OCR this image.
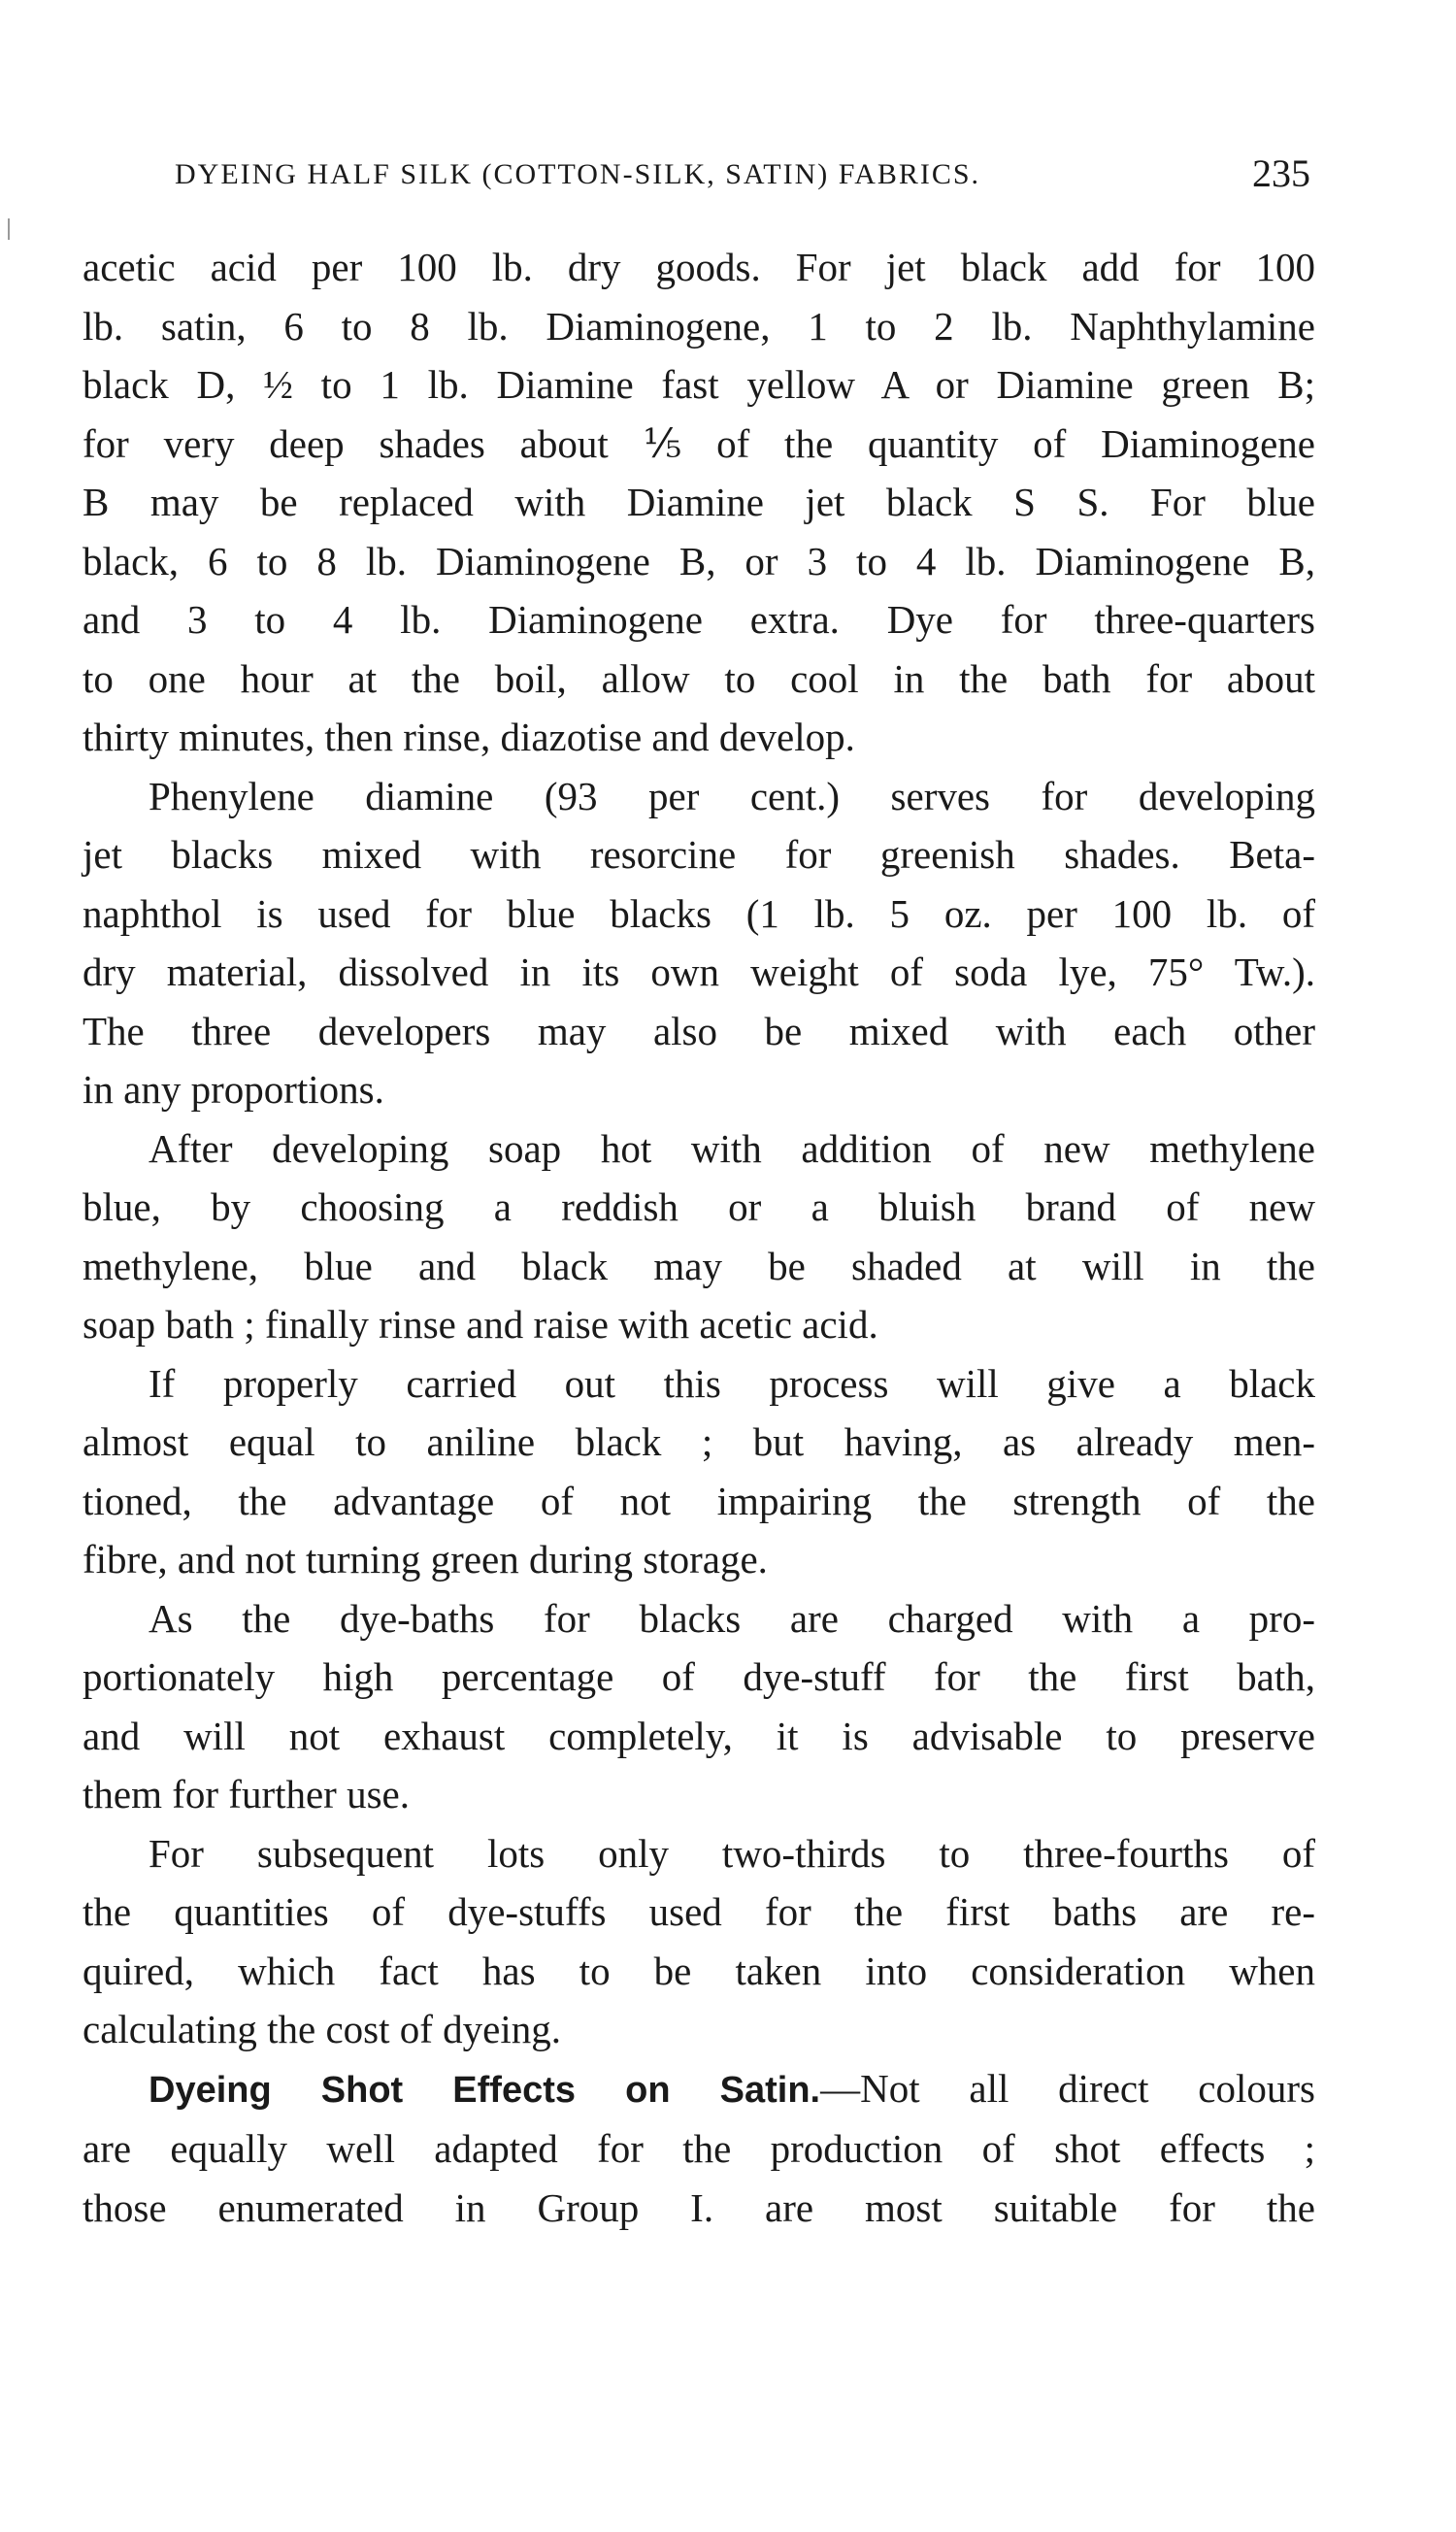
DYEING HALF SILK (COTTON-SILK, SATIN) FABRICS.	235

acetic acid per 100 lb. dry goods. For jet black add for 100
lb. satin, 6 to 8 lb. Diaminogene, 1 to 2 lb. Naphthylamine
black D, ½ to 1 lb. Diamine fast yellow A or Diamine green B;
for very deep shades about ⅕ of the quantity of Diaminogene
B may be replaced with Diamine jet black S S. For blue
black, 6 to 8 lb. Diaminogene B, or 3 to 4 lb. Diaminogene B,
and 3 to 4 lb. Diaminogene extra. Dye for three-quarters
to one hour at the boil, allow to cool in the bath for about
thirty minutes, then rinse, diazotise and develop.

Phenylene diamine (93 per cent.) serves for developing
jet blacks mixed with resorcine for greenish shades. Beta-
naphthol is used for blue blacks (1 lb. 5 oz. per 100 lb. of
dry material, dissolved in its own weight of soda lye, 75° Tw.).
The three developers may also be mixed with each other
in any proportions.

After developing soap hot with addition of new methylene
blue, by choosing a reddish or a bluish brand of new
methylene, blue and black may be shaded at will in the
soap bath ; finally rinse and raise with acetic acid.

If properly carried out this process will give a black
almost equal to aniline black ; but having, as already men-
tioned, the advantage of not impairing the strength of the
fibre, and not turning green during storage.

As the dye-baths for blacks are charged with a pro-
portionately high percentage of dye-stuff for the first bath,
and will not exhaust completely, it is advisable to preserve
them for further use.

For subsequent lots only two-thirds to three-fourths of
the quantities of dye-stuffs used for the first baths are re-
quired, which fact has to be taken into consideration when
calculating the cost of dyeing.

Dyeing Shot Effects on Satin.—Not all direct colours
are equally well adapted for the production of shot effects ;
those enumerated in Group I. are most suitable for the
